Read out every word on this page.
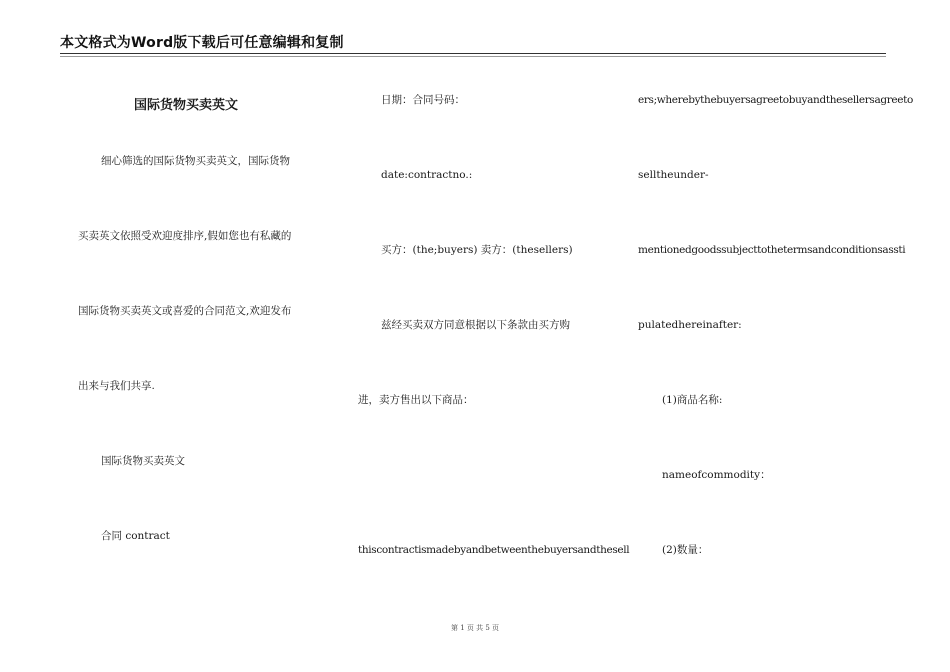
本文格式为Word版下载后可任意编辑和复制
国际货物买卖英文
细心筛选的国际货物买卖英文，国际货物
买卖英文依照受欢迎度排序,假如您也有私藏的
国际货物买卖英文或喜爱的合同范文,欢迎发布
出来与我们共享.
国际货物买卖英文
合同 contract
日期：合同号码：
date:contractno.:
买方：(the;buyers) 卖方：(thesellers)
兹经买卖双方同意根据以下条款由买方购
进，卖方售出以下商品：
thiscontractismadebyandbetweenthebuyersandthesell
ers;wherebythebuyersagreetobuyandthesellersagreeto
selltheunder-
mentionedgoodssubjecttothetermsandconditionsassti
pulatedhereinafter:
(1)商品名称:
nameofcommodity：
(2)数量：
第 1 页 共 5 页
